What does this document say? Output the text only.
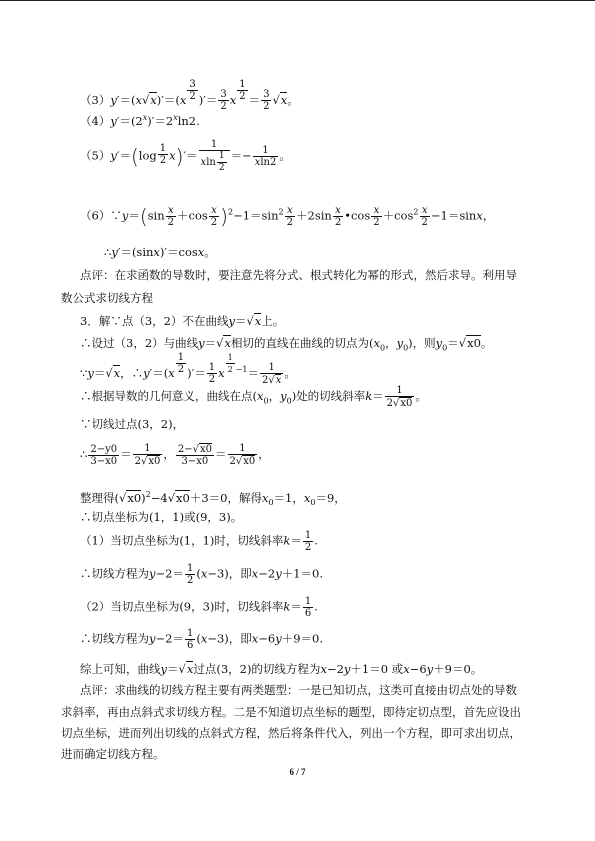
$(3)y'=(x√x)'=(x \frac{3}{2}$ )′＝ $\frac{3}{2}$ x $\frac{1}{2} = \frac{3}{2} √x$。
$(4)y'=(2^x)'=2^x\ln 2$.
$(5)y'=(\log \frac{1}{2} x)'= \frac{1}{xln \frac{1}{2}} =- \frac{1}{xln2}$ 。
（6）∵y＝(sin $\frac{x}{2} +\cos \frac{x}{2} )^2-1=\sin^2 \frac{x}{2} +2\sin \frac{x}{2}$ •cos $\frac{x}{2} +\cos^2 \frac{x}{2} -1=\sin x$，
∴y′＝(sinx)′＝cosx。
点评：在求函数的导数时，要注意先将分式、根式转化为幂的形式，然后求导。利用导
数公式求切线方程
3．解∵点（3，2）不在曲线y＝√x上。
∴设过（3，2）与曲线y＝√x相切的直线在曲线的切点为($x_0$，$y_0$)，则$y_0=√x0$。
∵y＝√x，∴y′＝(x $\frac{1}{2}$ )′＝ $\frac{1}{2}$ x $\frac{1}{2} ^{-1}= \frac{1}{2√x}$ 。
∴根据导数的几何意义，曲线在点($x_0$，$y_0$)处的切线斜率$k= \frac{1}{2√x0}$ 。
∵切线过点(3，2)，
∴ $\frac{2-y0}{3-x0} = \frac{1}{2√x0}$ ， $\frac{2-√x0}{3-x0} = \frac{1}{2√x0}$ ，
整理得$(√x0)^2-4√x0+3=0$，解得$x_0=1$，$x_0=9$，
∴切点坐标为(1，1)或(9，3)。
（1）当切点坐标为(1，1)时，切线斜率$k= \frac{1}{2}$ .
∴切线方程为$y-2= \frac{1}{2} (x-3)$，即x−2y＋1＝0.
（2）当切点坐标为(9，3)时，切线斜率$k= \frac{1}{6}$ .
∴切线方程为$y-2= \frac{1}{6} (x-3)$，即x−6y＋9＝0.
综上可知，曲线y＝√x过点(3，2)的切线方程为x−2y＋1＝0 或x−6y＋9＝0。
点评：求曲线的切线方程主要有两类题型：一是已知切点，这类可直接由切点处的导数
求斜率，再由点斜式求切线方程。二是不知道切点坐标的题型，即待定切点型，首先应设出
切点坐标，进而列出切线的点斜式方程，然后将条件代入，列出一个方程，即可求出切点，
进而确定切线方程。
6 / 7
